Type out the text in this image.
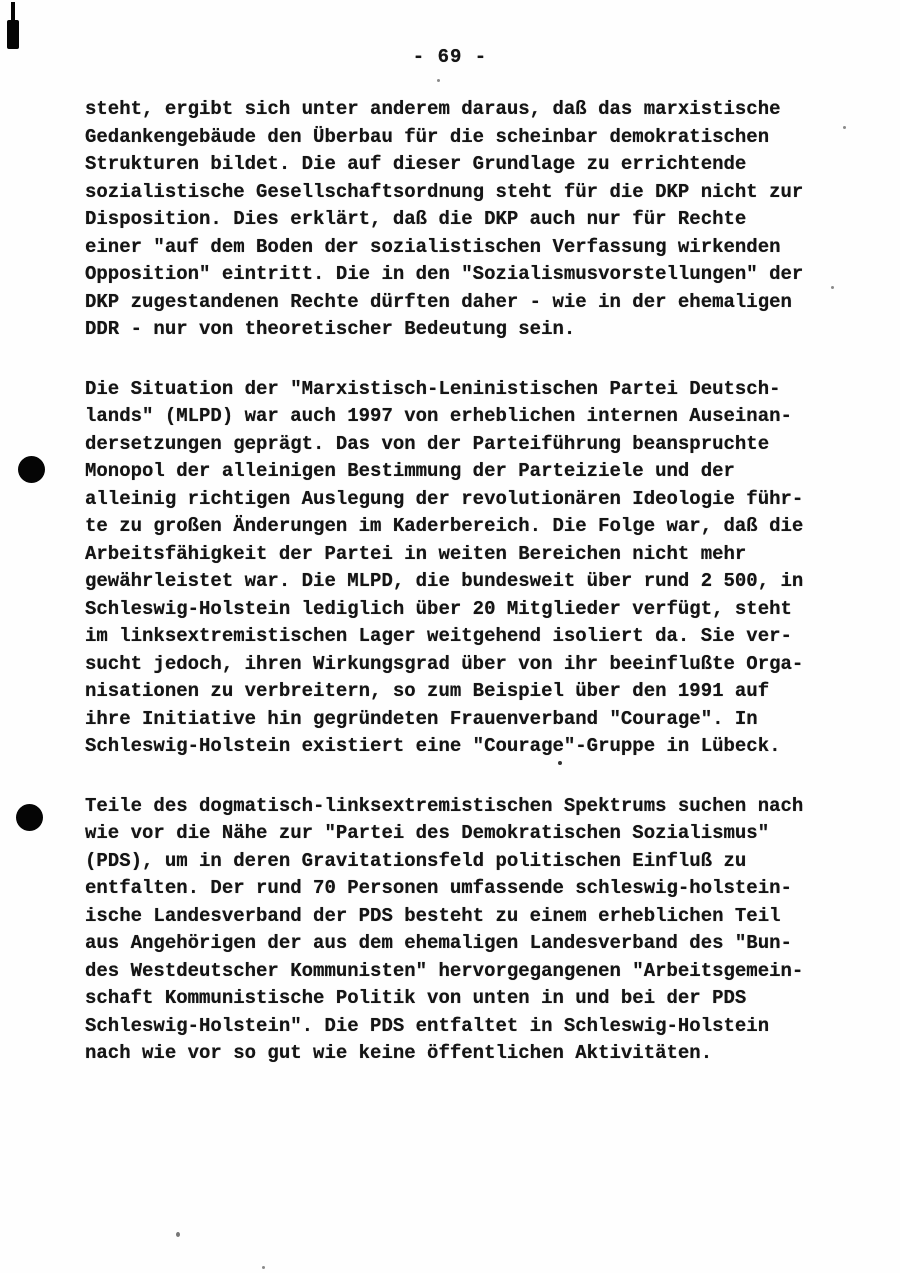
- 69 -
steht, ergibt sich unter anderem daraus, daß das marxistische
Gedankengebäude den Überbau für die scheinbar demokratischen
Strukturen bildet. Die auf dieser Grundlage zu errichtende
sozialistische Gesellschaftsordnung steht für die DKP nicht zur
Disposition. Dies erklärt, daß die DKP auch nur für Rechte
einer "auf dem Boden der sozialistischen Verfassung wirkenden
Opposition" eintritt. Die in den "Sozialismusvorstellungen" der
DKP zugestandenen Rechte dürften daher - wie in der ehemaligen
DDR - nur von theoretischer Bedeutung sein.
Die Situation der "Marxistisch-Leninistischen Partei Deutsch-
lands" (MLPD) war auch 1997 von erheblichen internen Auseinan-
dersetzungen geprägt. Das von der Parteiführung beanspruchte
Monopol der alleinigen Bestimmung der Parteiziele und der
alleinig richtigen Auslegung der revolutionären Ideologie führ-
te zu großen Änderungen im Kaderbereich. Die Folge war, daß die
Arbeitsfähigkeit der Partei in weiten Bereichen nicht mehr
gewährleistet war. Die MLPD, die bundesweit über rund 2 500, in
Schleswig-Holstein lediglich über 20 Mitglieder verfügt, steht
im linksextremistischen Lager weitgehend isoliert da. Sie ver-
sucht jedoch, ihren Wirkungsgrad über von ihr beeinflußte Orga-
nisationen zu verbreitern, so zum Beispiel über den 1991 auf
ihre Initiative hin gegründeten Frauenverband "Courage". In
Schleswig-Holstein existiert eine "Courage"-Gruppe in Lübeck.
Teile des dogmatisch-linksextremistischen Spektrums suchen nach
wie vor die Nähe zur "Partei des Demokratischen Sozialismus"
(PDS), um in deren Gravitationsfeld politischen Einfluß zu
entfalten. Der rund 70 Personen umfassende schleswig-holstein-
ische Landesverband der PDS besteht zu einem erheblichen Teil
aus Angehörigen der aus dem ehemaligen Landesverband des "Bun-
des Westdeutscher Kommunisten" hervorgegangenen "Arbeitsgemein-
schaft Kommunistische Politik von unten in und bei der PDS
Schleswig-Holstein". Die PDS entfaltet in Schleswig-Holstein
nach wie vor so gut wie keine öffentlichen Aktivitäten.
